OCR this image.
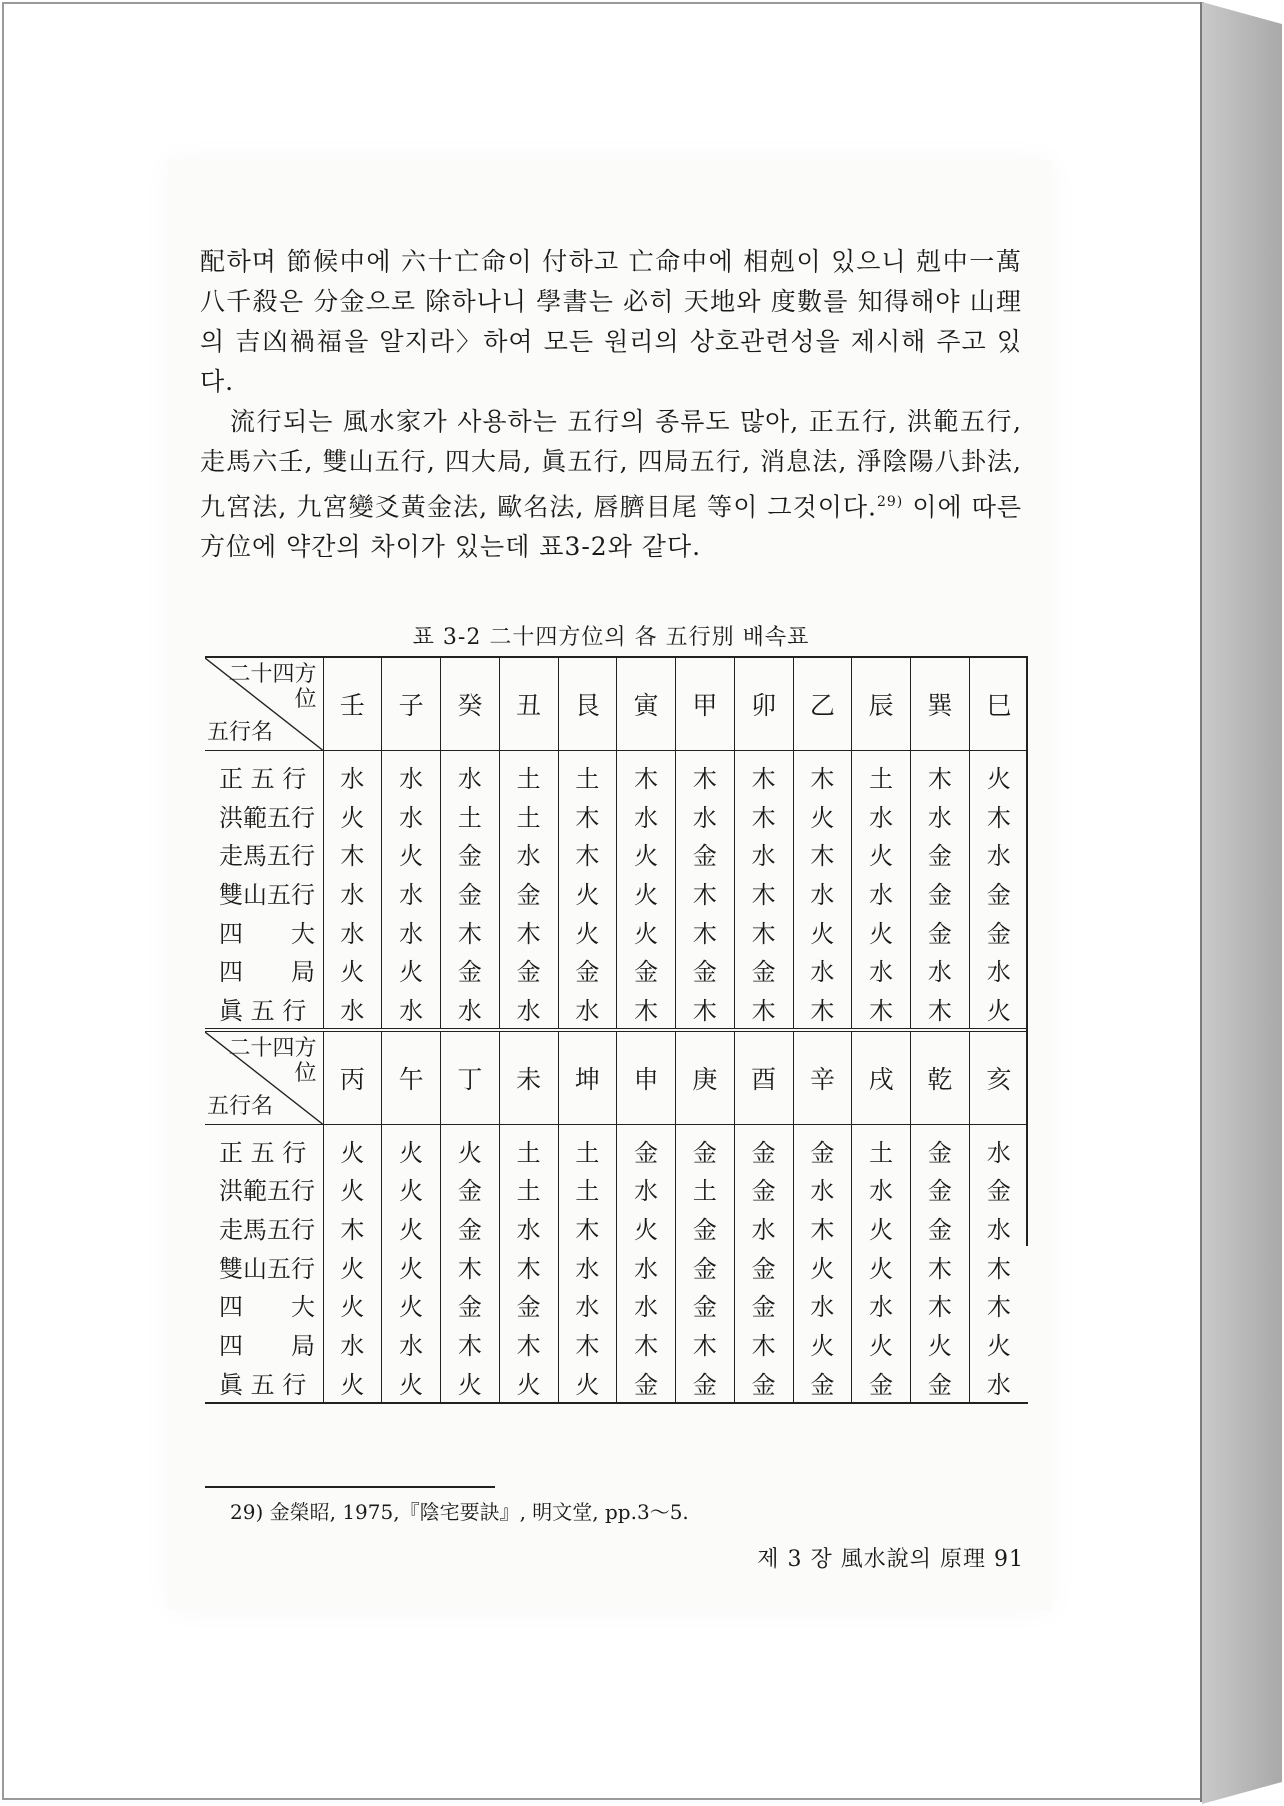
配하며 節候中에 六十亡命이 付하고 亡命中에 相剋이 있으니 剋中一萬八千殺은 分金으로 除하나니 學書는 必히 天地와 度數를 知得해야 山理의 吉凶禍福을 알지라〉하여 모든 원리의 상호관련성을 제시해 주고 있다.

流行되는 風水家가 사용하는 五行의 종류도 많아, 正五行, 洪範五行, 走馬六壬, 雙山五行, 四大局, 眞五行, 四局五行, 消息法, 淨陰陽八卦法, 九宮法, 九宮變爻黃金法, 歐名法, 唇臍目尾 等이 그것이다.$^{29)}$ 이에 따른 方位에 약간의 차이가 있는데 표3-2와 같다.

표 3-2 二十四方位의 各 五行別 배속표
二十四方
位
五行名	壬	子	癸	丑	艮	寅	甲	卯	乙	辰	巽	巳

正 五 行	水	水	水	土	土	木	木	木	木	土	木	火
洪範五行	火	水	土	土	木	水	水	木	火	水	水	木
走馬五行	木	火	金	水	木	火	金	水	木	火	金	水
雙山五行	水	水	金	金	火	火	木	木	水	水	金	金
四　　大	水	水	木	木	火	火	木	木	火	火	金	金
四　　局	火	火	金	金	金	金	金	金	水	水	水	水
眞 五 行	水	水	水	水	水	木	木	木	木	木	木	火

二十四方
位
五行名	丙	午	丁	未	坤	申	庚	酉	辛	戌	乾	亥

正 五 行	火	火	火	土	土	金	金	金	金	土	金	水
洪範五行	火	火	金	土	土	水	土	金	水	水	金	金
走馬五行	木	火	金	水	木	火	金	水	木	火	金	水
雙山五行	火	火	木	木	水	水	金	金	火	火	木	木
四　　大	火	火	金	金	水	水	金	金	水	水	木	木
四　　局	水	水	木	木	木	木	木	木	火	火	火	火
眞 五 行	火	火	火	火	火	金	金	金	金	金	金	水
29) 金榮昭, 1975,『陰宅要訣』, 明文堂, pp.3〜5.
제 3 장 風水說의 原理 91
